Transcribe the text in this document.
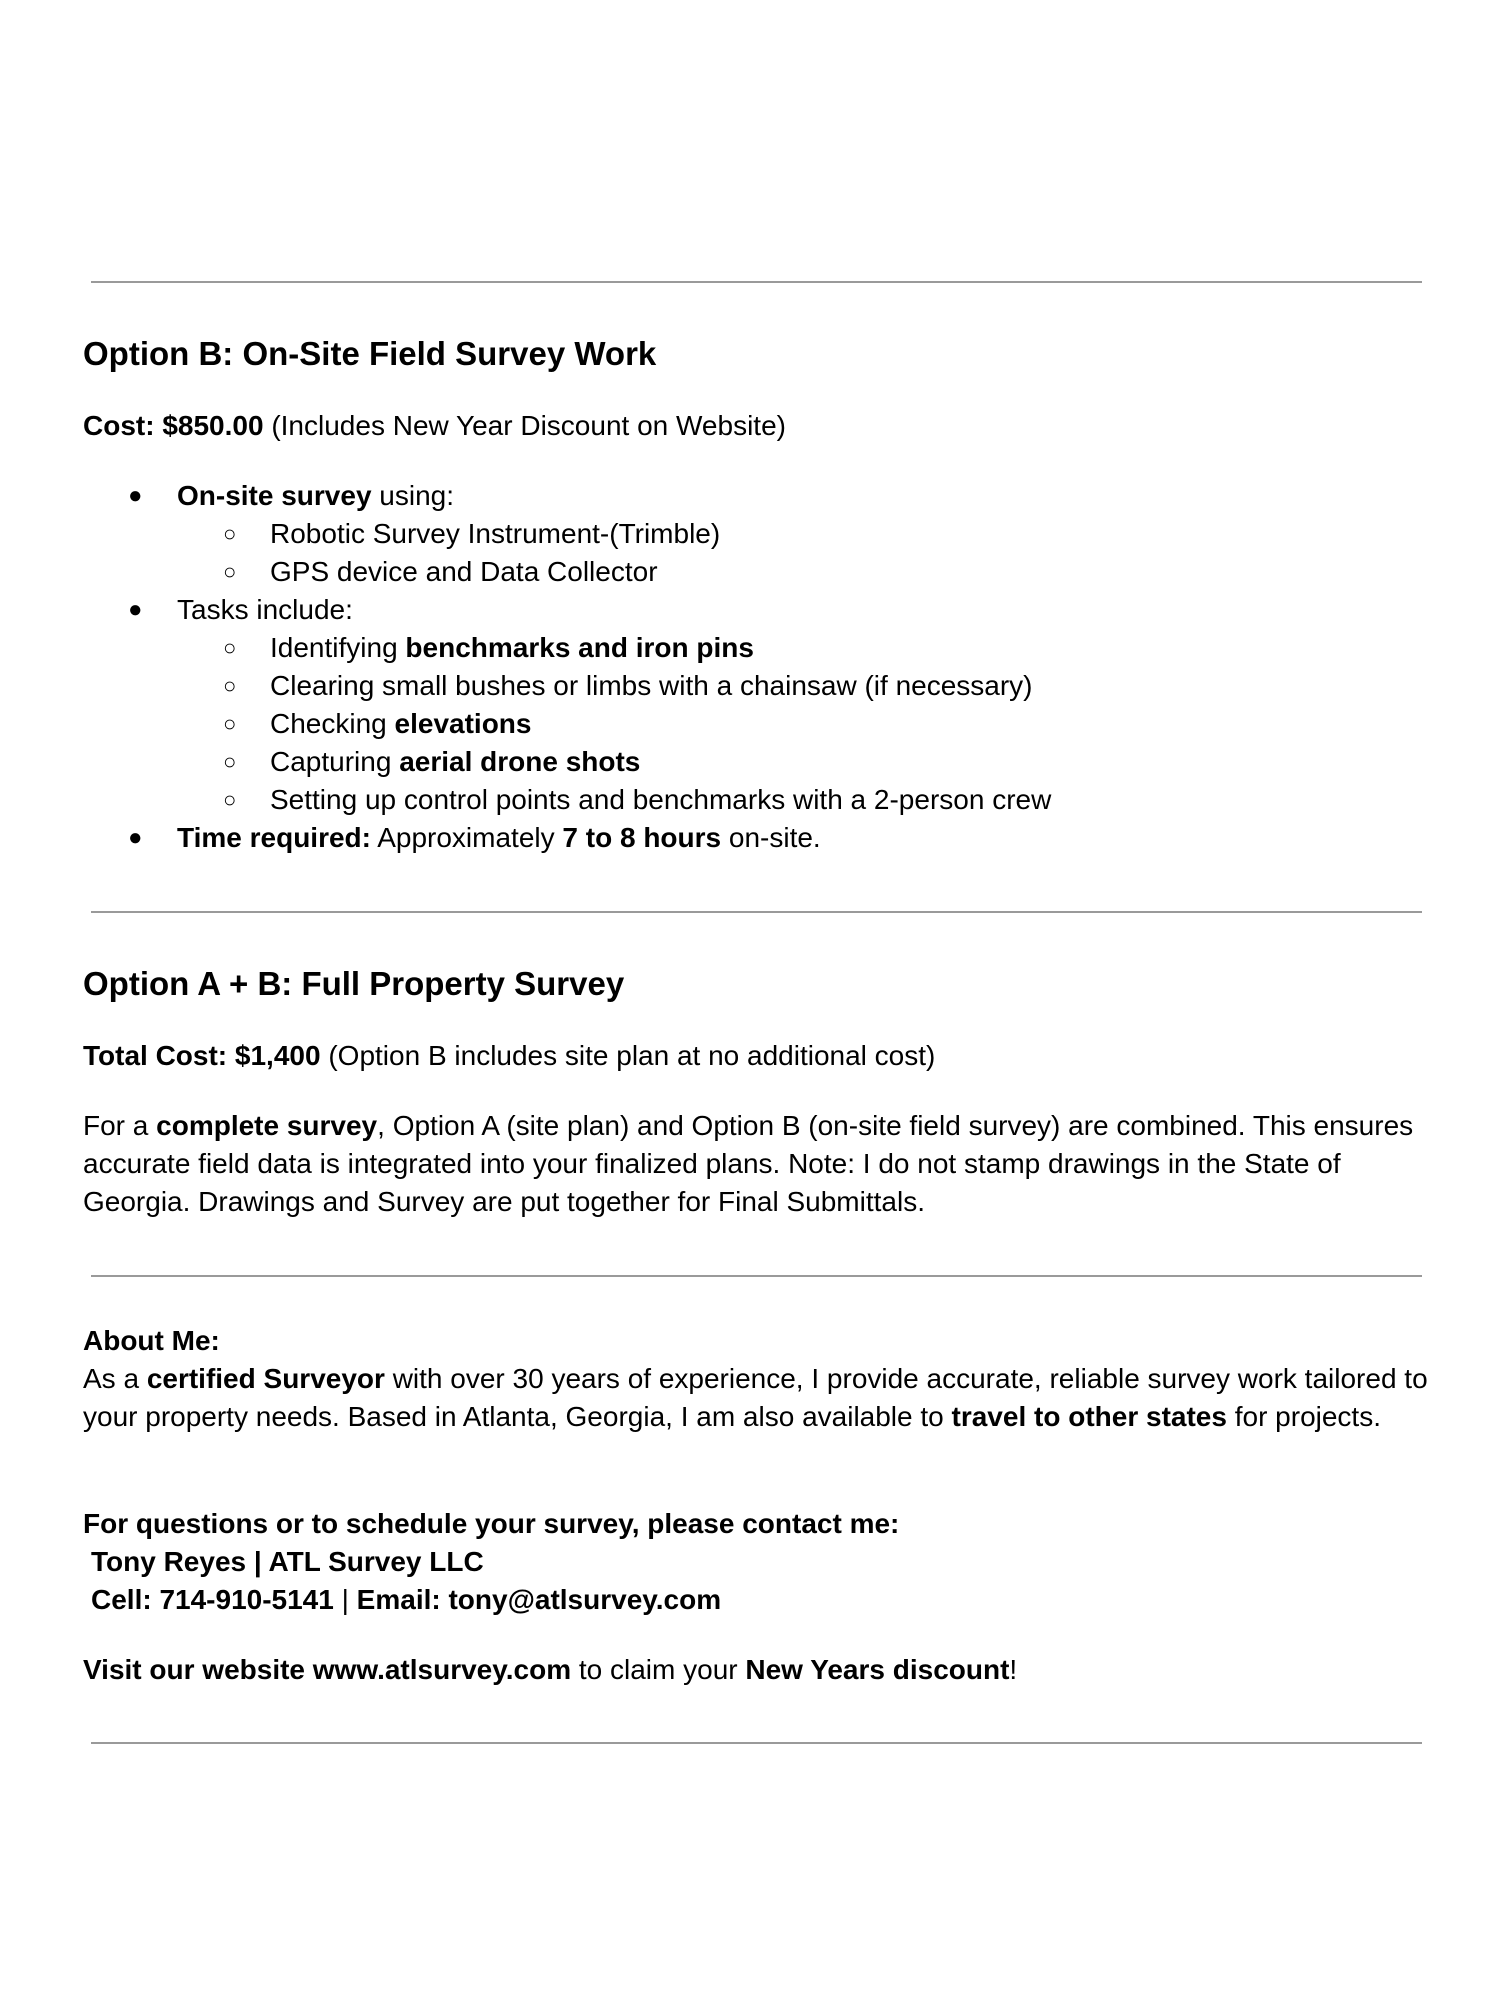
Option B: On-Site Field Survey Work
Cost: $850.00 (Includes New Year Discount on Website)
● On-site survey using:
○ Robotic Survey Instrument-(Trimble)
○ GPS device and Data Collector
● Tasks include:
○ Identifying benchmarks and iron pins
○ Clearing small bushes or limbs with a chainsaw (if necessary)
○ Checking elevations
○ Capturing aerial drone shots
○ Setting up control points and benchmarks with a 2-person crew
● Time required: Approximately 7 to 8 hours on-site.
Option A + B: Full Property Survey
Total Cost: $1,400 (Option B includes site plan at no additional cost)
For a complete survey, Option A (site plan) and Option B (on-site field survey) are combined. This ensures accurate field data is integrated into your finalized plans. Note: I do not stamp drawings in the State of Georgia. Drawings and Survey are put together for Final Submittals.
About Me:
As a certified Surveyor with over 30 years of experience, I provide accurate, reliable survey work tailored to your property needs. Based in Atlanta, Georgia, I am also available to travel to other states for projects.
For questions or to schedule your survey, please contact me:
Tony Reyes | ATL Survey LLC
Cell: 714-910-5141 | Email: tony@atlsurvey.com
Visit our website www.atlsurvey.com to claim your New Years discount!
